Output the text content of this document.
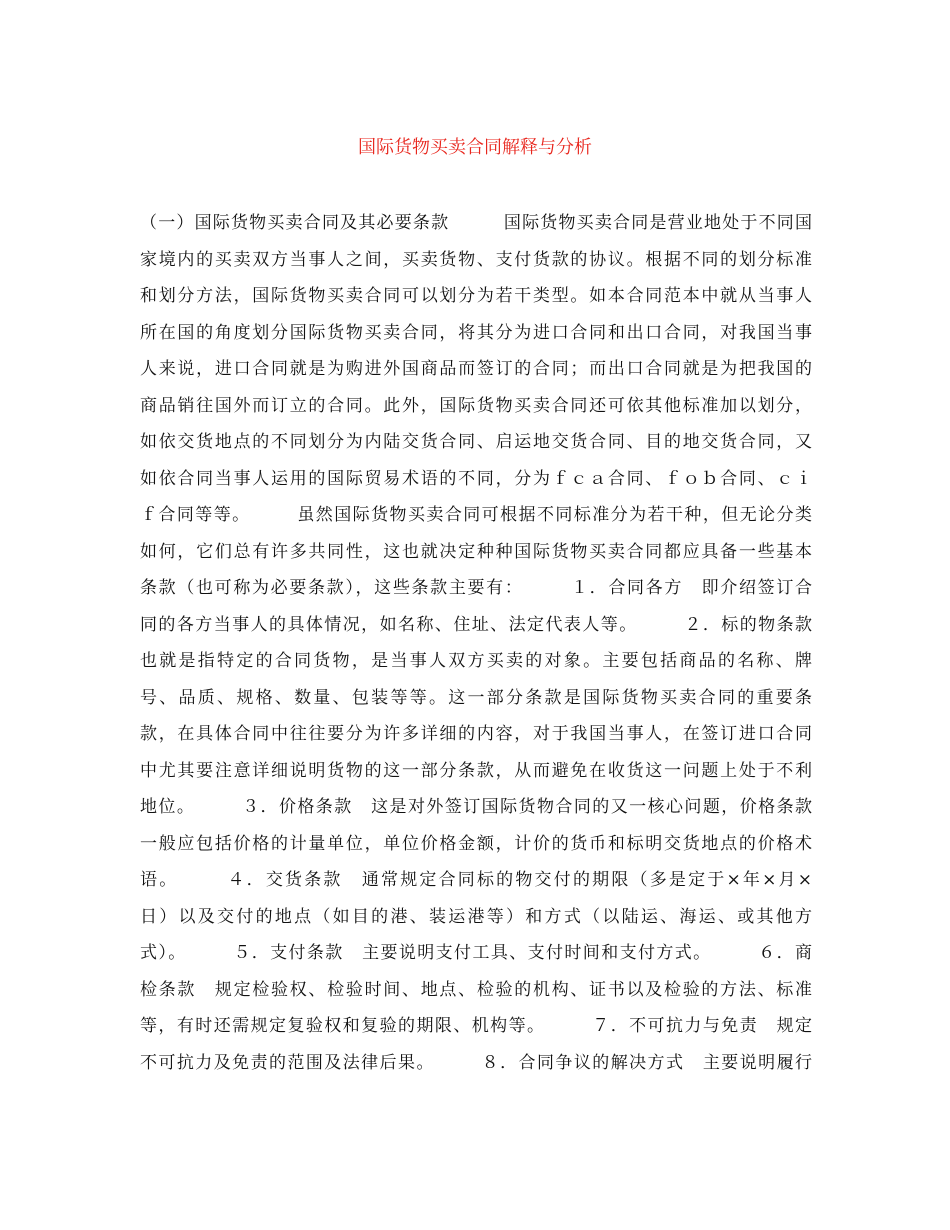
国际货物买卖合同解释与分析
（一）国际货物买卖合同及其必要条款　　　国际货物买卖合同是营业地处于不同国
家境内的买卖双方当事人之间，买卖货物、支付货款的协议。根据不同的划分标准
和划分方法，国际货物买卖合同可以划分为若干类型。如本合同范本中就从当事人
所在国的角度划分国际货物买卖合同，将其分为进口合同和出口合同，对我国当事
人来说，进口合同就是为购进外国商品而签订的合同；而出口合同就是为把我国的
商品销往国外而订立的合同。此外，国际货物买卖合同还可依其他标准加以划分，
如依交货地点的不同划分为内陆交货合同、启运地交货合同、目的地交货合同，又
如依合同当事人运用的国际贸易术语的不同，分为ｆｃａ合同、ｆｏｂ合同、ｃｉ
ｆ合同等等。　　　虽然国际货物买卖合同可根据不同标准分为若干种，但无论分类
如何，它们总有许多共同性，这也就决定种种国际货物买卖合同都应具备一些基本
条款（也可称为必要条款），这些条款主要有：　　　１．合同各方　即介绍签订合
同的各方当事人的具体情况，如名称、住址、法定代表人等。　　　２．标的物条款
也就是指特定的合同货物，是当事人双方买卖的对象。主要包括商品的名称、牌
号、品质、规格、数量、包装等等。这一部分条款是国际货物买卖合同的重要条
款，在具体合同中往往要分为许多详细的内容，对于我国当事人，在签订进口合同
中尤其要注意详细说明货物的这一部分条款，从而避免在收货这一问题上处于不利
地位。　　　３．价格条款　这是对外签订国际货物合同的又一核心问题，价格条款
一般应包括价格的计量单位，单位价格金额，计价的货币和标明交货地点的价格术
语。　　　４．交货条款　通常规定合同标的物交付的期限（多是定于×年×月×
日）以及交付的地点（如目的港、装运港等）和方式（以陆运、海运、或其他方
式）。　　　５．支付条款　主要说明支付工具、支付时间和支付方式。　　　６．商
检条款　规定检验权、检验时间、地点、检验的机构、证书以及检验的方法、标准
等，有时还需规定复验权和复验的期限、机构等。　　　７．不可抗力与免责　规定
不可抗力及免责的范围及法律后果。　　　８．合同争议的解决方式　主要说明履行
